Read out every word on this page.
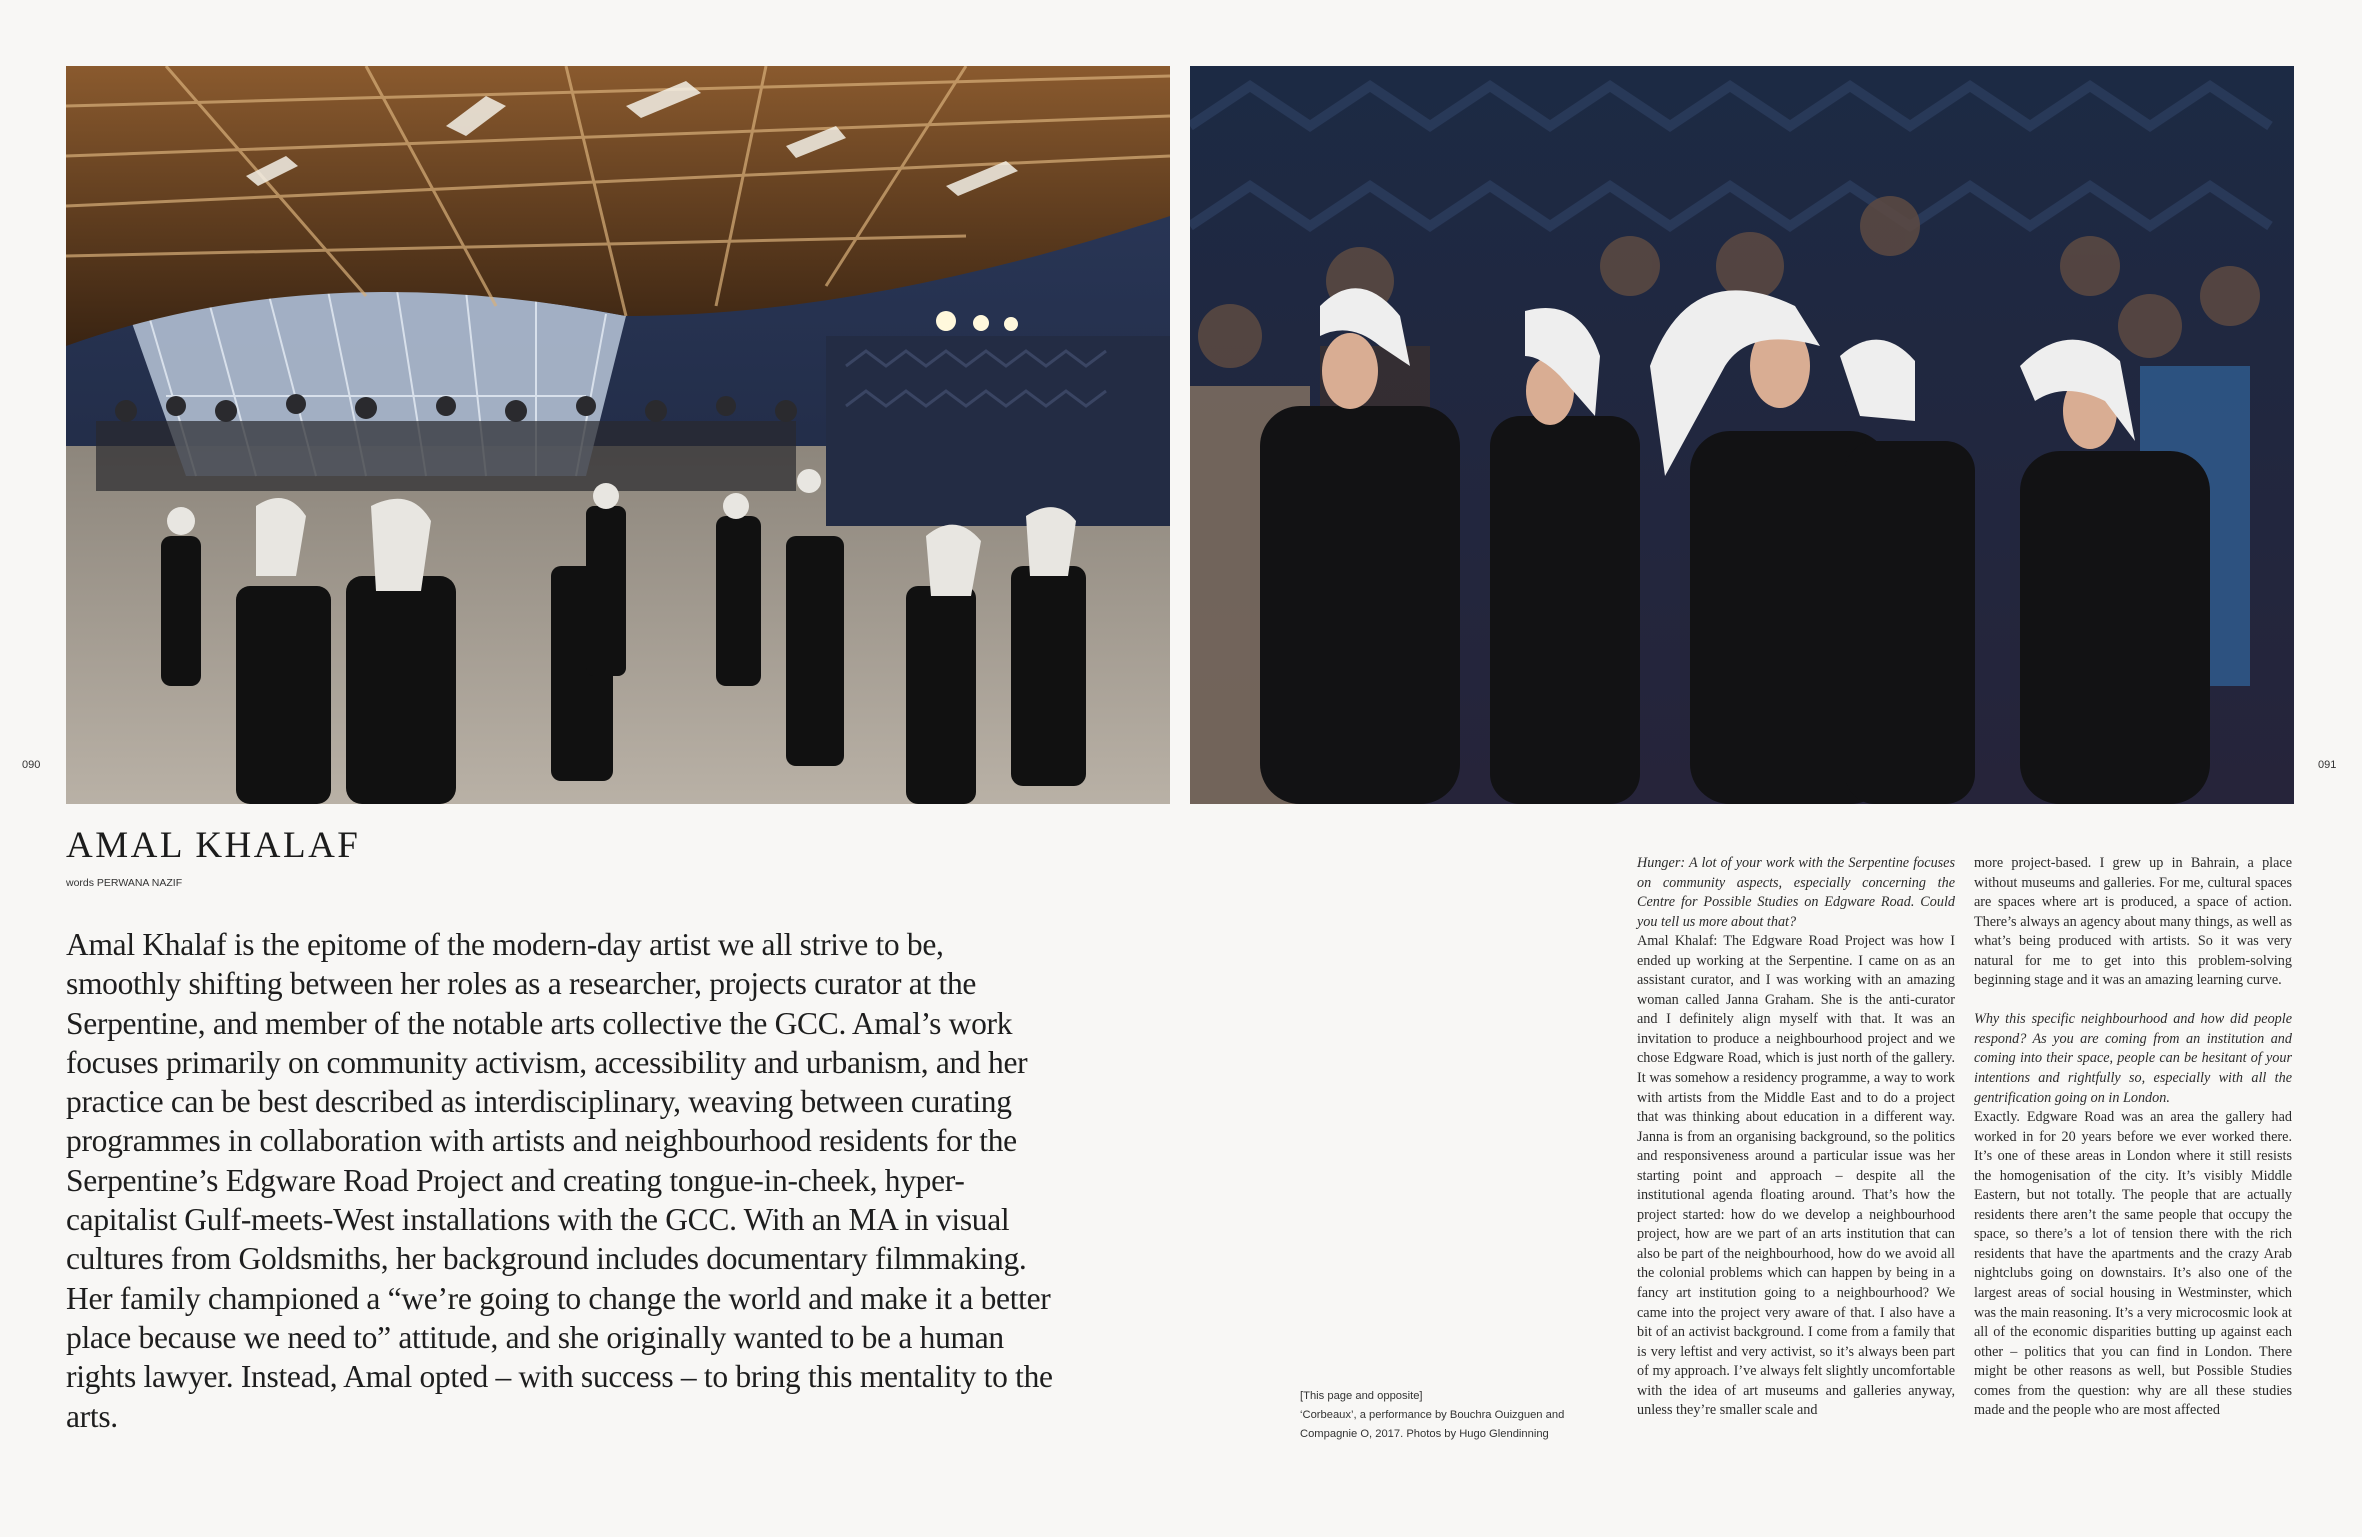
090	091
AMAL KHALAF
words PERWANA NAZIF

Amal Khalaf is the epitome of the modern-day artist we all strive to be, smoothly shifting between her roles as a researcher, projects curator at the Serpentine, and member of the notable arts collective the GCC. Amal’s work focuses primarily on community activism, accessibility and urbanism, and her practice can be best described as interdisciplinary, weaving between curating programmes in collaboration with artists and neighbourhood residents for the Serpentine’s Edgware Road Project and creating tongue-in-cheek, hyper-capitalist Gulf-meets-West installations with the GCC. With an MA in visual cultures from Goldsmiths, her background includes documentary filmmaking. Her family championed a “we’re going to change the world and make it a better place because we need to” attitude, and she originally wanted to be a human rights lawyer. Instead, Amal opted – with success – to bring this mentality to the arts.

[This page and opposite]
‘Corbeaux’, a performance by Bouchra Ouizguen and
Compagnie O, 2017. Photos by Hugo Glendinning

Hunger: A lot of your work with the Serpentine focuses on community aspects, especially concerning the Centre for Possible Studies on Edgware Road. Could you tell us more about that?

Amal Khalaf: The Edgware Road Project was how I ended up working at the Serpentine. I came on as an assistant curator, and I was working with an amazing woman called Janna Graham. She is the anti-curator and I definitely align myself with that. It was an invitation to produce a neighbourhood project and we chose Edgware Road, which is just north of the gallery. It was somehow a residency programme, a way to work with artists from the Middle East and to do a project that was thinking about education in a different way. Janna is from an organising background, so the politics and responsiveness around a particular issue was her starting point and approach – despite all the institutional agenda floating around. That’s how the project started: how do we develop a neighbourhood project, how are we part of an arts institution that can also be part of the neighbourhood, how do we avoid all the colonial problems which can happen by being in a fancy art institution going to a neighbourhood? We came into the project very aware of that. I also have a bit of an activist background. I come from a family that is very leftist and very activist, so it’s always been part of my approach. I’ve always felt slightly uncomfortable with the idea of art museums and galleries anyway, unless they’re smaller scale and

more project-based. I grew up in Bahrain, a place without museums and galleries. For me, cultural spaces are spaces where art is produced, a space of action. There’s always an agency about many things, as well as what’s being produced with artists. So it was very natural for me to get into this problem-solving beginning stage and it was an amazing learning curve.

Why this specific neighbourhood and how did people respond? As you are coming from an institution and coming into their space, people can be hesitant of your intentions and rightfully so, especially with all the gentrification going on in London.

Exactly. Edgware Road was an area the gallery had worked in for 20 years before we ever worked there. It’s one of these areas in London where it still resists the homogenisation of the city. It’s visibly Middle Eastern, but not totally. The people that are actually residents there aren’t the same people that occupy the space, so there’s a lot of tension there with the rich residents that have the apartments and the crazy Arab nightclubs going on downstairs. It’s also one of the largest areas of social housing in Westminster, which was the main reasoning. It’s a very microcosmic look at all of the economic disparities butting up against each other – politics that you can find in London. There might be other reasons as well, but Possible Studies comes from the question: why are all these studies made and the people who are most affected
